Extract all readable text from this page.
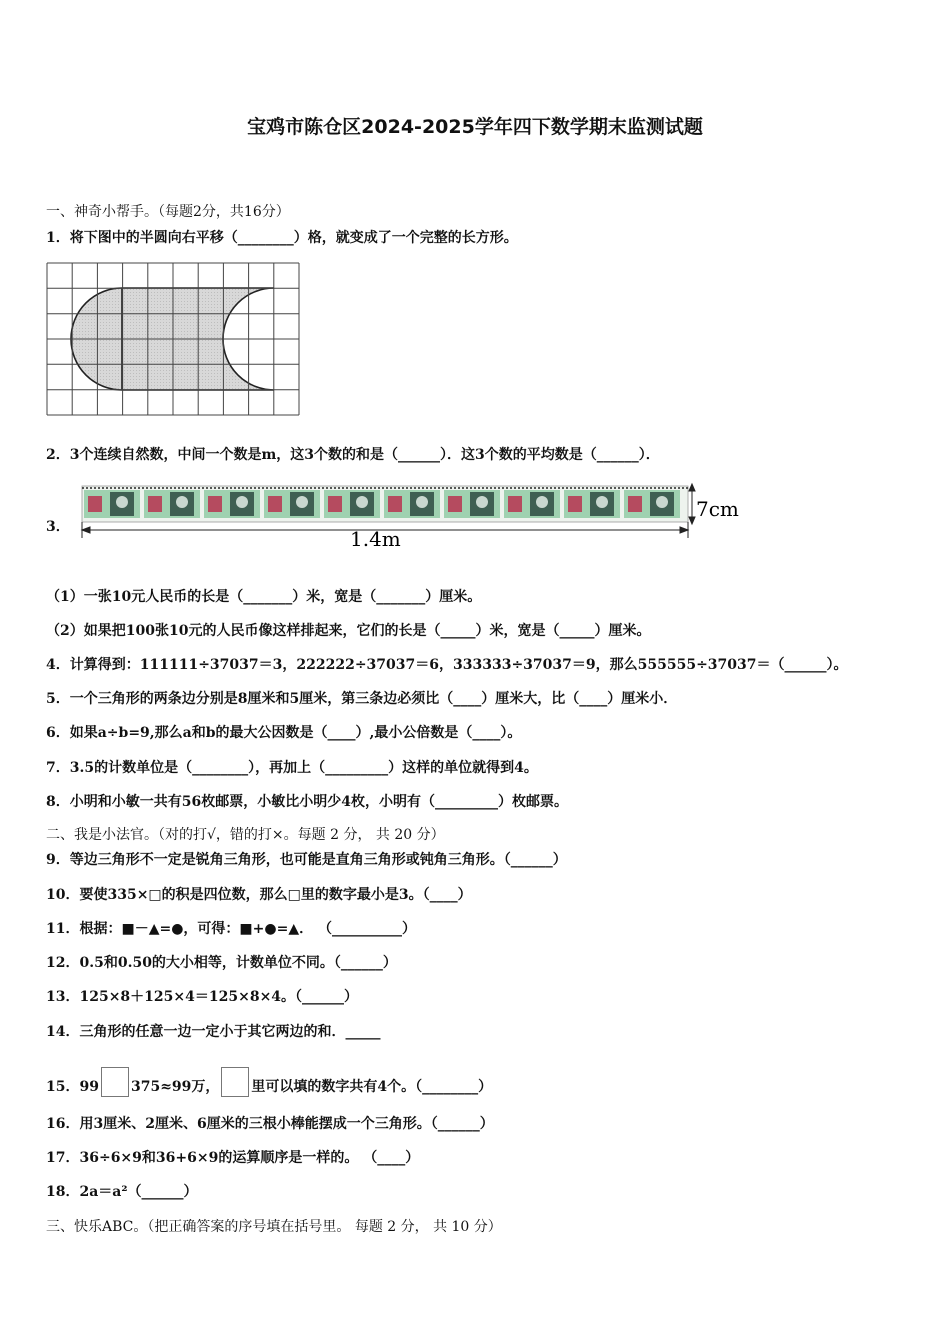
宝鸡市陈仓区2024-2025学年四下数学期末监测试题
一、神奇小帮手。（每题2分，共16分）
1．将下图中的半圆向右平移（________）格，就变成了一个完整的长方形。
2．3个连续自然数，中间一个数是m，这3个数的和是（______）．这3个数的平均数是（______）．
3．
7cm
1.4m
（1）一张10元人民币的长是（_______）米，宽是（_______）厘米。
（2）如果把100张10元的人民币像这样排起来，它们的长是（_____）米，宽是（_____）厘米。
4．计算得到：111111÷37037＝3，222222÷37037＝6，333333÷37037＝9，那么555555÷37037＝（______）。
5．一个三角形的两条边分别是8厘米和5厘米，第三条边必须比（____）厘米大，比（____）厘米小．
6．如果a÷b=9,那么a和b的最大公因数是（____）,最小公倍数是（____）。
7．3.5的计数单位是（________），再加上（_________）这样的单位就得到4。
8．小明和小敏一共有56枚邮票，小敏比小明少4枚，小明有（_________）枚邮票。
二、我是小法官。（对的打√，错的打×。每题 2 分， 共 20 分）
9．等边三角形不一定是锐角三角形，也可能是直角三角形或钝角三角形。（______）
10．要使335×□的积是四位数，那么□里的数字最小是3。（____）
11．根据：■－▲=●，可得：■+●=▲． （__________）
12．0.5和0.50的大小相等，计数单位不同。（______）
13．125×8＋125×4＝125×8×4。（______）
14．三角形的任意一边一定小于其它两边的和．_____
15．99 375≈99万， 里可以填的数字共有4个。（________）
16．用3厘米、2厘米、6厘米的三根小棒能摆成一个三角形。（______）
17．36÷6×9和36+6×9的运算顺序是一样的。 （____）
18．2a＝a²（______）
三、快乐ABC。（把正确答案的序号填在括号里。 每题 2 分， 共 10 分）
